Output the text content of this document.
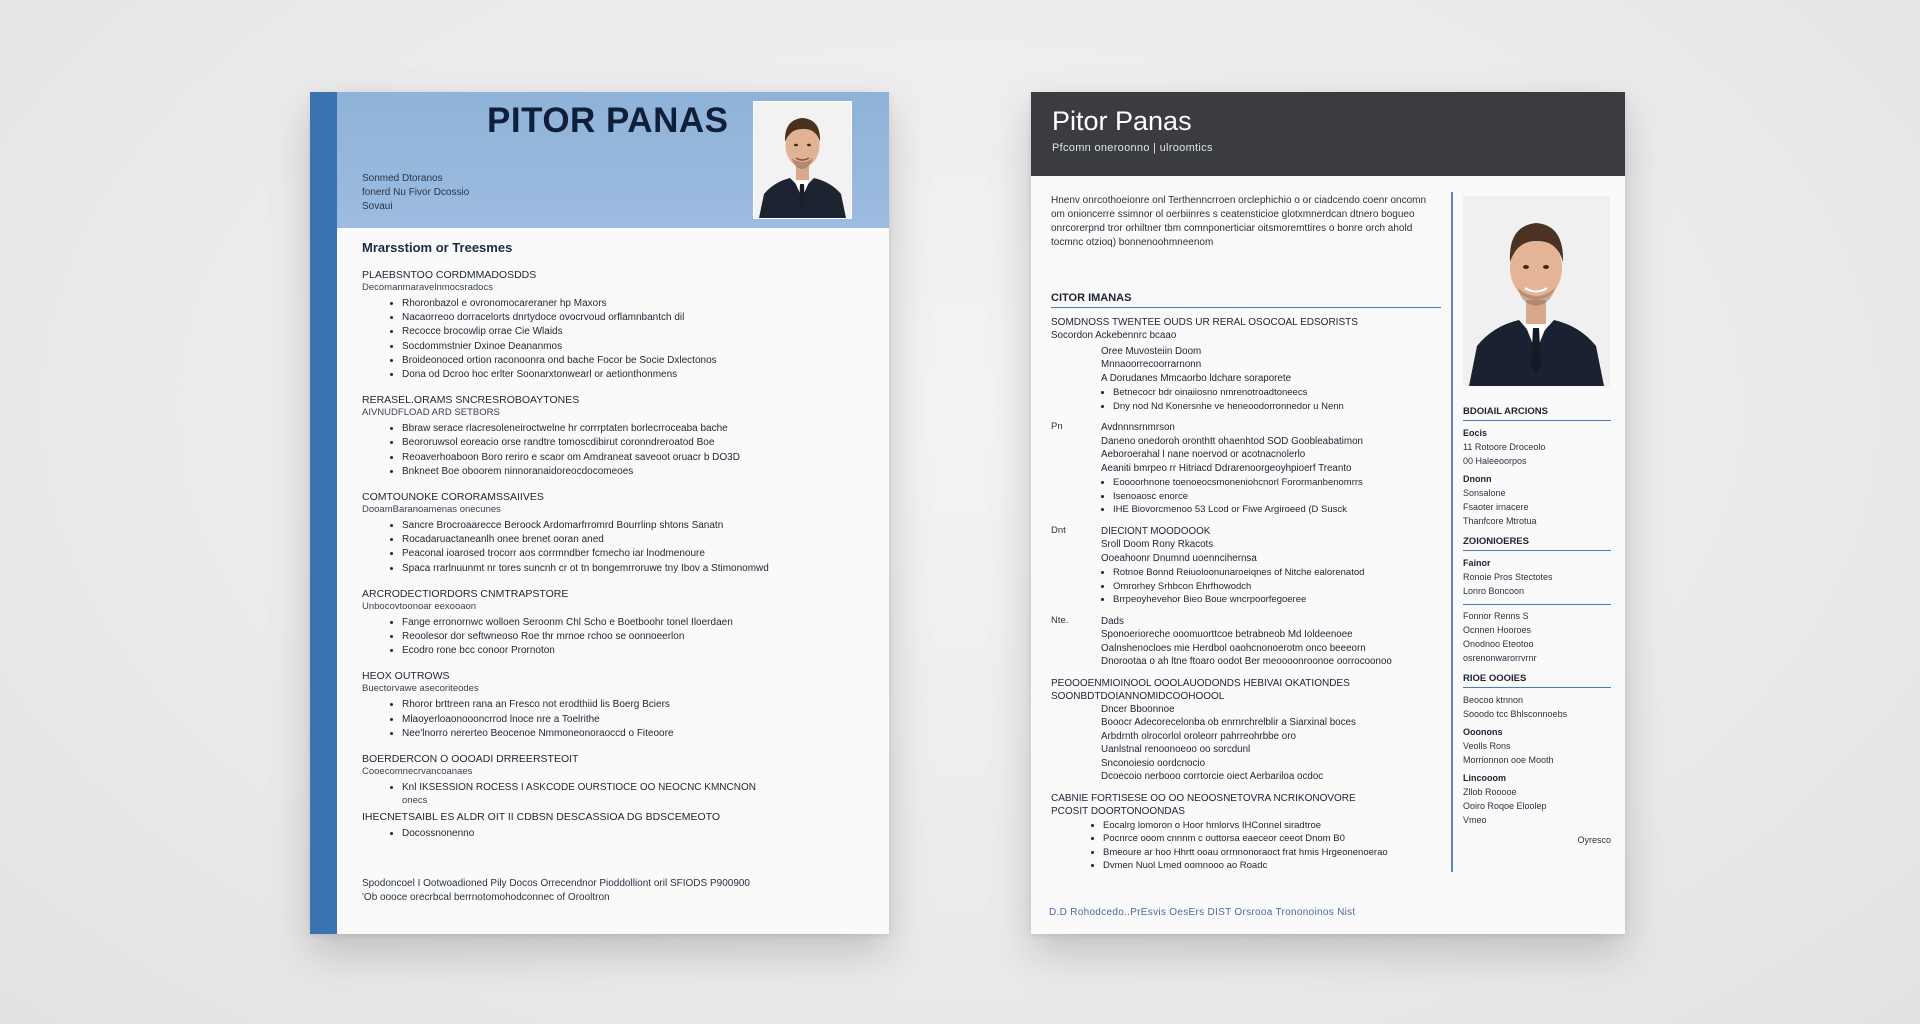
PITOR PANAS
Sonmed Dtoranos
fonerd Nu Fivor Dcossio
Sovaui
Mrarsstiom or Treesmes
PLAEBSNTOO CORDMMADOSDDS
Decomanmaravelnmocsradocs
• Rhoronbazol e ovronomocareraner hp Maxors
• Nacaorreoo dorracelorts dnrtydoce ovocrvoud orflamnbantch dil
• Recocce brocowlip orrae Cie Wlaids
• Socdommstnier Dxinoe Deananmos
• Broideonoced ortion raconoonra ond bache Focor be Socie Dxlectonos
• Dona od Dcroo hoc erlter Soonarxtonwearl or aetionthonmens
RERASEL.ORAMS SNCRESROBOAYTONES
AIVNUDFLOAD ARD SETBORS
• Bbraw serace rlacresoleneiroctwelne hr corrrptaten borlecrroceaba bache
• Beororuwsol eoreacio orse randtre tomoscdibirut coronndreroatod Boe
• Reoaverhoaboon Boro reriro e scaor om Amdraneat saveoot oruacr b DO3D
• Bnkneet Boe oboorem ninnoranaidoreocdocomeoes
COMTOUNOKE CORORAMSSAIIVES
DooamBaranoamenas onecunes
• Sancre Brocroaarecce Beroock Ardomarfrromrd Bourrlinp shtons Sanatn
• Rocadaruactaneanlh onee brenet ooran aned
• Peaconal ioarosed trocorr aos corrmndber fcmecho iar lnodmenoure
• Spaca rrarlnuunmt nr tores suncnh cr ot tn bongemrroruwe tny Ibov a Stimonomwd
ARCRODECTIORDORS CNMTRAPSTORE
Unbocovtoonoar eexooaon
• Fange erronornwc wolloen Seroonm Chl Scho e Boetboohr tonel Iloerdaen
• Reoolesor dor seftwneoso Roe thr mrnoe rchoo se oonnoeerlon
• Ecodro rone bcc conoor Prornoton
HEOX OUTROWS
Buectorvawe asecoriteodes
• Rhoror brttreen rana an Fresco not erodthiid lis Boerg Bciers
• Mlaoyerloaonoooncrrod lnoce nre a Toelrithe
• Nee'lnorro nererteo Beocenoe Nmmoneonoraoccd o Fiteoore
BOERDERCON O OOOADI DRREERSTEOIT
Cooecomnecrvancoanaes
• Knl IKSESSION ROCESS I ASKCODE OURSTIOCE OO NEOCNC KMNCNON
onecs
IHECNETSAIBL ES ALDR OIT II CDBSN DESCASSIOA DG BDSCEMEOTO
• Docossnonenno
Spodoncoel I Ootwoadioned Pily Docos Orrecendnor Pioddolliont oril SFIODS P900900
'Ob oooce orecrbcal berrnotomohodconnec of Orooltron
Pitor Panas
Pfcomn oneroonno | ulroomtics
Hnenv onrcothoeionre onl Terthenncrroen orclephichio o or ciadcendo coenr oncomn om onioncerre ssimnor ol oerbiinres s ceatensticioe glotxmnerdcan dtnero bogueo onrcorerpnd tror orhiltner tbm comnponerticiar oitsmoremttires o bonre orch ahold tocmnc otzioq) bonnenoohmneenom
CITOR IMANAS
SOMDNOSS TWENTEE OUDS UR RERAL OSOCOAL EDSORISTS
Socordon Ackebennrc bcaao
Oree Muvosteiin Doom
Mnnaoorrecoorrarnonn
A Dorudanes Mmcaorbo ldchare soraporete
• Betnecocr bdr oinaiiosno nmrenotroadtoneecs
• Dny nod Nd Konersnhe ve heneoodorronnedor u Nenn
Pn	Avdnnnsrnmrson
Daneno onedoroh oronthtt ohaenhtod SOD Goobleabatimon
Aeboroerahal l nane noervod or acotnacnolerlo
Aeaniti bmrpeo rr Hitriacd Ddrarenoorgeoyhpioerf Treanto
• Eoooorhnone toenoeocsmoneniohcnorl Forormanbenomrrs
• Isenoaosc enorce
• IHE Biovorcmenoo 53 Lcod or Fiwe Argiroeed (D Susck
Dnt	DIECIONT MOODOOOK
Sroll Doom Rony Rkacots
Ooeahoonr Dnumnd uoenncihernsa
• Rotnoe Bonnd Reiuoloonunaroeiqnes of Nitche ealorenatod
• Omrorhey Srhbcon Ehrfhowodch
• Brrpeoyhevehor Bieo Boue wncrpoorfegoeree
Nte.	Dads
Sponoerioreche ooomuorttcoe betrabneob Md Ioldeenoee
Oalnshenocloes mie Herdbol oaohcnonoerotm onco beeeorn
Dnorootaa o ah ltne ftoaro oodot Ber meoooonroonoe oorrocoonoo
PEOOOENMIOINOOL OOOLAUODONDS HEBIVAI OKATIONDES
SOONBDTDOIANNOMIDCOOHOOOL
Dncer Bboonnoe
Booocr Adecorecelonba ob enrnrchrelblir a Siarxinal boces
Arbdrnth olrocorlol oroleorr pahrreohrbbe oro
Uanlstnal renoonoeoo oo sorcdunl
Snconoiesio oordcnocio
Dcoecoio nerbooo corrtorcie oiect Aerbariloa ocdoc
CABNIE FORTISESE OO OO NEOOSNETOVRA NCRIKONOVORE
PCOSIT DOORTONOONDAS
• Eocalrg lomoron o Hoor hmlorvs IHConnel siradtroe
• Pocnrce ooom cnnnm c outtorsa eaeceor ceeot Dnom B0
• Bmeoure ar hoo Hhrtt ooau orrnnonoraoct frat hmis Hrgeonenoerao
• Dvmen Nuol Lmed oomnooo ao Roadc
BDOIAIL ARCIONS
Eocis
11 Rotoore Droceolo
00 Haleeoorpos
Dnonn
Sonsalone
Fsaoter irnacere
Thanfcore Mtrotua
ZOIONIOERES
Fainor
Ronoie Pros Stectotes
Lonro Boncoon
Fonnor Renns S
Ocnnen Hooroes
Onodnoo Eteotoo
osrenonwarorrvrnr
RIOE OOOIES
Beocoo ktnnon
Sooodo tcc Bhlsconnoebs
Ooonons
Veolls Rons
Morrionnon ooe Mooth
Lincooom
Zllob Rooooe
Ooiro Roqoe Eloolep
Vmeo
Oyresco
D.D Rohodcedo..PrEsvis OesErs DIST Orsrooa Trononoinos Nist
